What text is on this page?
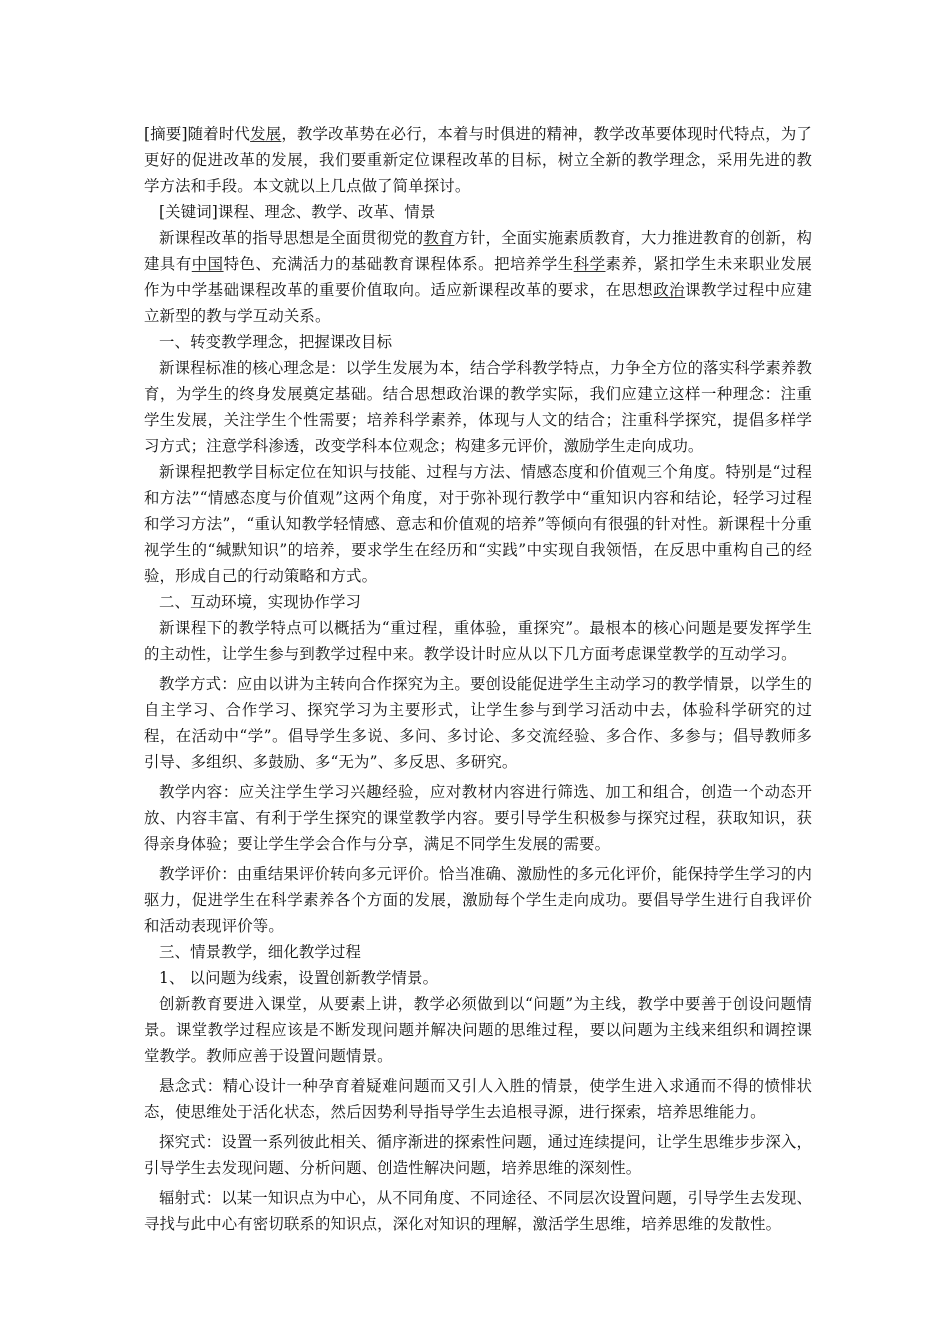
[摘要]随着时代发展，教学改革势在必行，本着与时俱进的精神，教学改革要体现时代特点，为了更好的促进改革的发展，我们要重新定位课程改革的目标，树立全新的教学理念，采用先进的教学方法和手段。本文就以上几点做了简单探讨。

[关键词]课程、理念、教学、改革、情景

新课程改革的指导思想是全面贯彻党的教育方针，全面实施素质教育，大力推进教育的创新，构建具有中国特色、充满活力的基础教育课程体系。把培养学生科学素养，紧扣学生未来职业发展作为中学基础课程改革的重要价值取向。适应新课程改革的要求，在思想政治课教学过程中应建立新型的教与学互动关系。

一、转变教学理念，把握课改目标

新课程标准的核心理念是：以学生发展为本，结合学科教学特点，力争全方位的落实科学素养教育，为学生的终身发展奠定基础。结合思想政治课的教学实际，我们应建立这样一种理念：注重学生发展，关注学生个性需要；培养科学素养，体现与人文的结合；注重科学探究，提倡多样学习方式；注意学科渗透，改变学科本位观念；构建多元评价，激励学生走向成功。

新课程把教学目标定位在知识与技能、过程与方法、情感态度和价值观三个角度。特别是“过程和方法”“情感态度与价值观”这两个角度，对于弥补现行教学中“重知识内容和结论，轻学习过程和学习方法”，“重认知教学轻情感、意志和价值观的培养”等倾向有很强的针对性。新课程十分重视学生的“缄默知识”的培养，要求学生在经历和“实践”中实现自我领悟，在反思中重构自己的经验，形成自己的行动策略和方式。

二、互动环境，实现协作学习

新课程下的教学特点可以概括为“重过程，重体验，重探究”。最根本的核心问题是要发挥学生的主动性，让学生参与到教学过程中来。教学设计时应从以下几方面考虑课堂教学的互动学习。

教学方式：应由以讲为主转向合作探究为主。要创设能促进学生主动学习的教学情景，以学生的自主学习、合作学习、探究学习为主要形式，让学生参与到学习活动中去，体验科学研究的过程，在活动中“学”。倡导学生多说、多问、多讨论、多交流经验、多合作、多参与；倡导教师多引导、多组织、多鼓励、多“无为”、多反思、多研究。

教学内容：应关注学生学习兴趣经验，应对教材内容进行筛选、加工和组合，创造一个动态开放、内容丰富、有利于学生探究的课堂教学内容。要引导学生积极参与探究过程，获取知识，获得亲身体验；要让学生学会合作与分享，满足不同学生发展的需要。

教学评价：由重结果评价转向多元评价。恰当准确、激励性的多元化评价，能保持学生学习的内驱力，促进学生在科学素养各个方面的发展，激励每个学生走向成功。要倡导学生进行自我评价和活动表现评价等。

三、情景教学，细化教学过程

1、 以问题为线索，设置创新教学情景。

创新教育要进入课堂，从要素上讲，教学必须做到以“问题”为主线，教学中要善于创设问题情景。课堂教学过程应该是不断发现问题并解决问题的思维过程，要以问题为主线来组织和调控课堂教学。教师应善于设置问题情景。

悬念式：精心设计一种孕育着疑难问题而又引人入胜的情景，使学生进入求通而不得的愤悱状态，使思维处于活化状态，然后因势利导指导学生去追根寻源，进行探索，培养思维能力。

探究式：设置一系列彼此相关、循序渐进的探索性问题，通过连续提问，让学生思维步步深入，引导学生去发现问题、分析问题、创造性解决问题，培养思维的深刻性。

辐射式：以某一知识点为中心，从不同角度、不同途径、不同层次设置问题，引导学生去发现、寻找与此中心有密切联系的知识点，深化对知识的理解，激活学生思维，培养思维的发散性。
